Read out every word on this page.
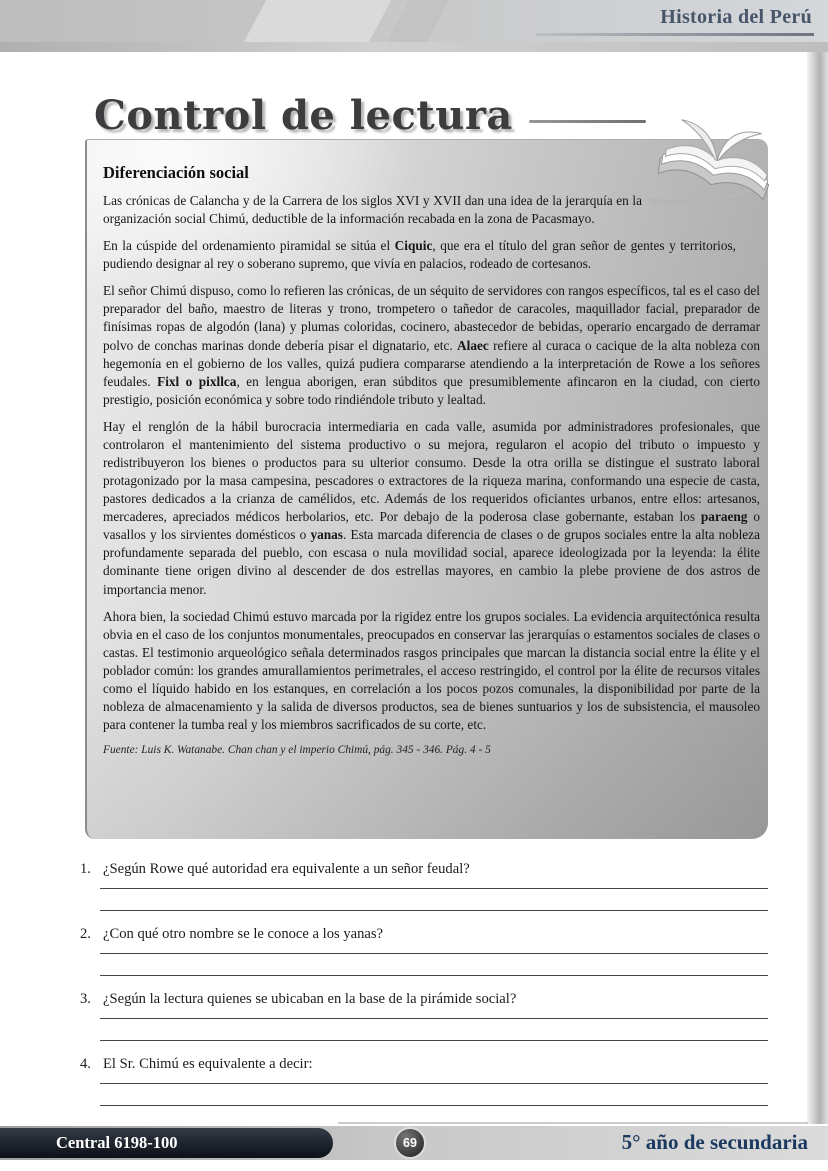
Historia del Perú
Control de lectura
Diferenciación social

Las crónicas de Calancha y de la Carrera de los siglos XVI y XVII dan una idea de la jerarquía en la organización social Chimú, deductible de la información recabada en la zona de Pacasmayo.

En la cúspide del ordenamiento piramidal se sitúa el Ciquic, que era el título del gran señor de gentes y territorios, pudiendo designar al rey o soberano supremo, que vivía en palacios, rodeado de cortesanos.

El señor Chimú dispuso, como lo refieren las crónicas, de un séquito de servidores con rangos específicos, tal es el caso del preparador del baño, maestro de literas y trono, trompetero o tañedor de caracoles, maquillador facial, preparador de finísimas ropas de algodón (lana) y plumas coloridas, cocinero, abastecedor de bebidas, operario encargado de derramar polvo de conchas marinas donde debería pisar el dignatario, etc. Alaec refiere al curaca o cacique de la alta nobleza con hegemonía en el gobierno de los valles, quizá pudiera compararse atendiendo a la interpretación de Rowe a los señores feudales. Fixl o pixllca, en lengua aborigen, eran súbditos que presumiblemente afincaron en la ciudad, con cierto prestigio, posición económica y sobre todo rindiéndole tributo y lealtad.

Hay el renglón de la hábil burocracia intermediaria en cada valle, asumida por administradores profesionales, que controlaron el mantenimiento del sistema productivo o su mejora, regularon el acopio del tributo o impuesto y redistribuyeron los bienes o productos para su ulterior consumo. Desde la otra orilla se distingue el sustrato laboral protagonizado por la masa campesina, pescadores o extractores de la riqueza marina, conformando una especie de casta, pastores dedicados a la crianza de camélidos, etc. Además de los requeridos oficiantes urbanos, entre ellos: artesanos, mercaderes, apreciados médicos herbolarios, etc. Por debajo de la poderosa clase gobernante, estaban los paraeng o vasallos y los sirvientes domésticos o yanas. Esta marcada diferencia de clases o de grupos sociales entre la alta nobleza profundamente separada del pueblo, con escasa o nula movilidad social, aparece ideologizada por la leyenda: la élite dominante tiene origen divino al descender de dos estrellas mayores, en cambio la plebe proviene de dos astros de importancia menor.

Ahora bien, la sociedad Chimú estuvo marcada por la rigidez entre los grupos sociales. La evidencia arquitectónica resulta obvia en el caso de los conjuntos monumentales, preocupados en conservar las jerarquías o estamentos sociales de clases o castas. El testimonio arqueológico señala determinados rasgos principales que marcan la distancia social entre la élite y el poblador común: los grandes amurallamientos perimetrales, el acceso restringido, el control por la élite de recursos vitales como el líquido habido en los estanques, en correlación a los pocos pozos comunales, la disponibilidad por parte de la nobleza de almacenamiento y la salida de diversos productos, sea de bienes suntuarios y los de subsistencia, el mausoleo para contener la tumba real y los miembros sacrificados de su corte, etc.

Fuente: Luis K. Watanabe. Chan chan y el imperio Chimú, pág. 345 - 346. Pág. 4 - 5

1. ¿Según Rowe qué autoridad era equivalente a un señor feudal?
2. ¿Con qué otro nombre se le conoce a los yanas?
3. ¿Según la lectura quienes se ubicaban en la base de la pirámide social?
4. El Sr. Chimú es equivalente a decir:
Central 6198-100	69	5° año de secundaria
